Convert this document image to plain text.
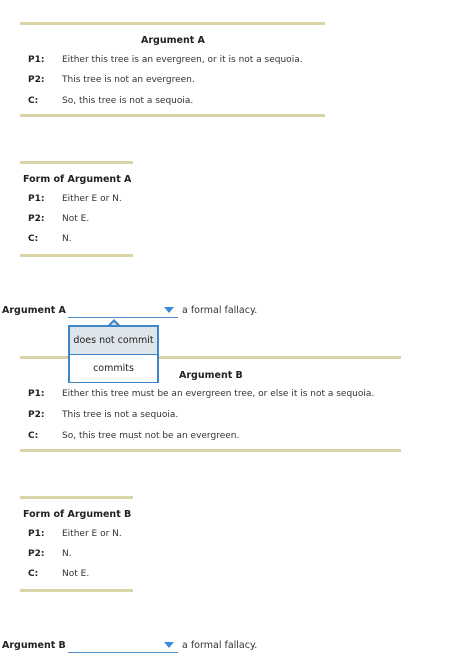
Argument A
P1: Either this tree is an evergreen, or it is not a sequoia.
P2: This tree is not an evergreen.
C:	So, this tree is not a sequoia.
Form of Argument A
P1: Either E or N.
P2: Not E.
C:	N.
Argument A	a formal fallacy.
Argument B
P1: Either this tree must be an evergreen tree, or else it is not a sequoia.
P2: This tree is not a sequoia.
C:	So, this tree must not be an evergreen.
does not commit
commits
Form of Argument B
P1: Either E or N.
P2: N.
C:	Not E.
Argument B	a formal fallacy.
